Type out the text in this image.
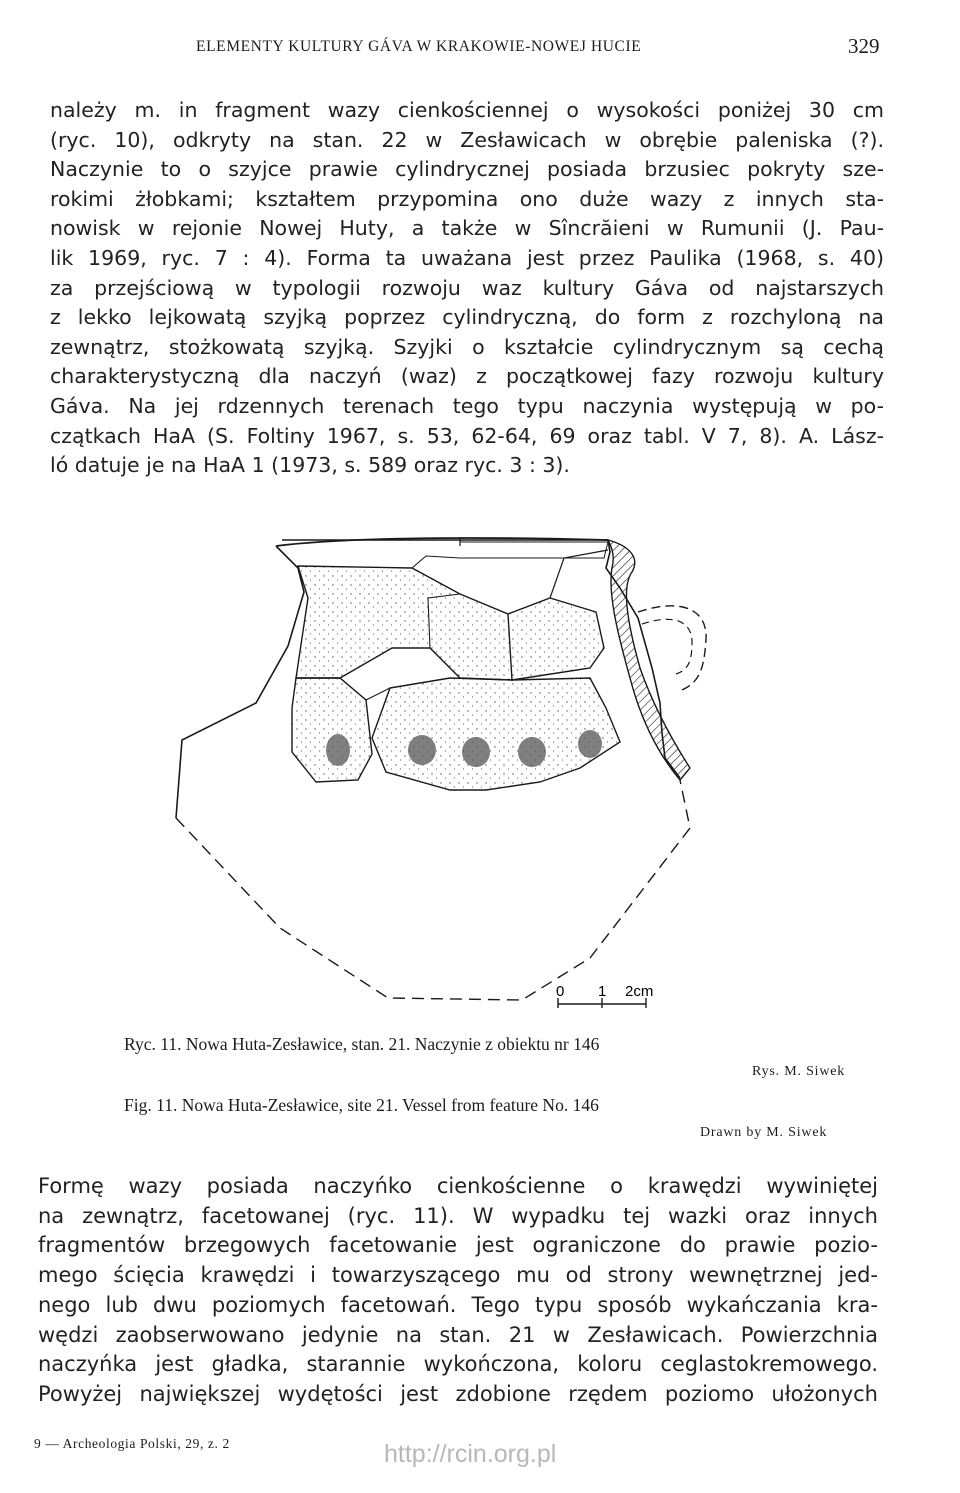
ELEMENTY KULTURY GÁVA W KRAKOWIE-NOWEJ HUCIE	329
należy m. in fragment wazy cienkościennej o wysokości poniżej 30 cm
(ryc. 10), odkryty na stan. 22 w Zesławicach w obrębie paleniska (?).
Naczynie to o szyjce prawie cylindrycznej posiada brzusiec pokryty sze-
rokimi żłobkami; kształtem przypomina ono duże wazy z innych sta-
nowisk w rejonie Nowej Huty, a także w Sîncrăieni w Rumunii (J. Pau-
lik 1969, ryc. 7 : 4). Forma ta uważana jest przez Paulika (1968, s. 40)
za przejściową w typologii rozwoju waz kultury Gáva od najstarszych
z lekko lejkowatą szyjką poprzez cylindryczną, do form z rozchyloną na
zewnątrz, stożkowatą szyjką. Szyjki o kształcie cylindrycznym są cechą
charakterystyczną dla naczyń (waz) z początkowej fazy rozwoju kultury
Gáva. Na jej rdzennych terenach tego typu naczynia występują w po-
czątkach HaA (S. Foltiny 1967, s. 53, 62-64, 69 oraz tabl. V 7, 8). A. Lász-
ló datuje je na HaA 1 (1973, s. 589 oraz ryc. 3 : 3).
0 1 2cm
Ryc. 11. Nowa Huta-Zesławice, stan. 21. Naczynie z obiektu nr 146
Rys. M. Siwek
Fig. 11. Nowa Huta-Zesławice, site 21. Vessel from feature No. 146
Drawn by M. Siwek
Formę wazy posiada naczyńko cienkościenne o krawędzi wywiniętej
na zewnątrz, facetowanej (ryc. 11). W wypadku tej wazki oraz innych
fragmentów brzegowych facetowanie jest ograniczone do prawie pozio-
mego ścięcia krawędzi i towarzyszącego mu od strony wewnętrznej jed-
nego lub dwu poziomych facetowań. Tego typu sposób wykańczania kra-
wędzi zaobserwowano jedynie na stan. 21 w Zesławicach. Powierzchnia
naczyńka jest gładka, starannie wykończona, koloru ceglastokremowego.
Powyżej największej wydętości jest zdobione rzędem poziomo ułożonych
9 — Archeologia Polski, 29, z. 2	http://rcin.org.pl
